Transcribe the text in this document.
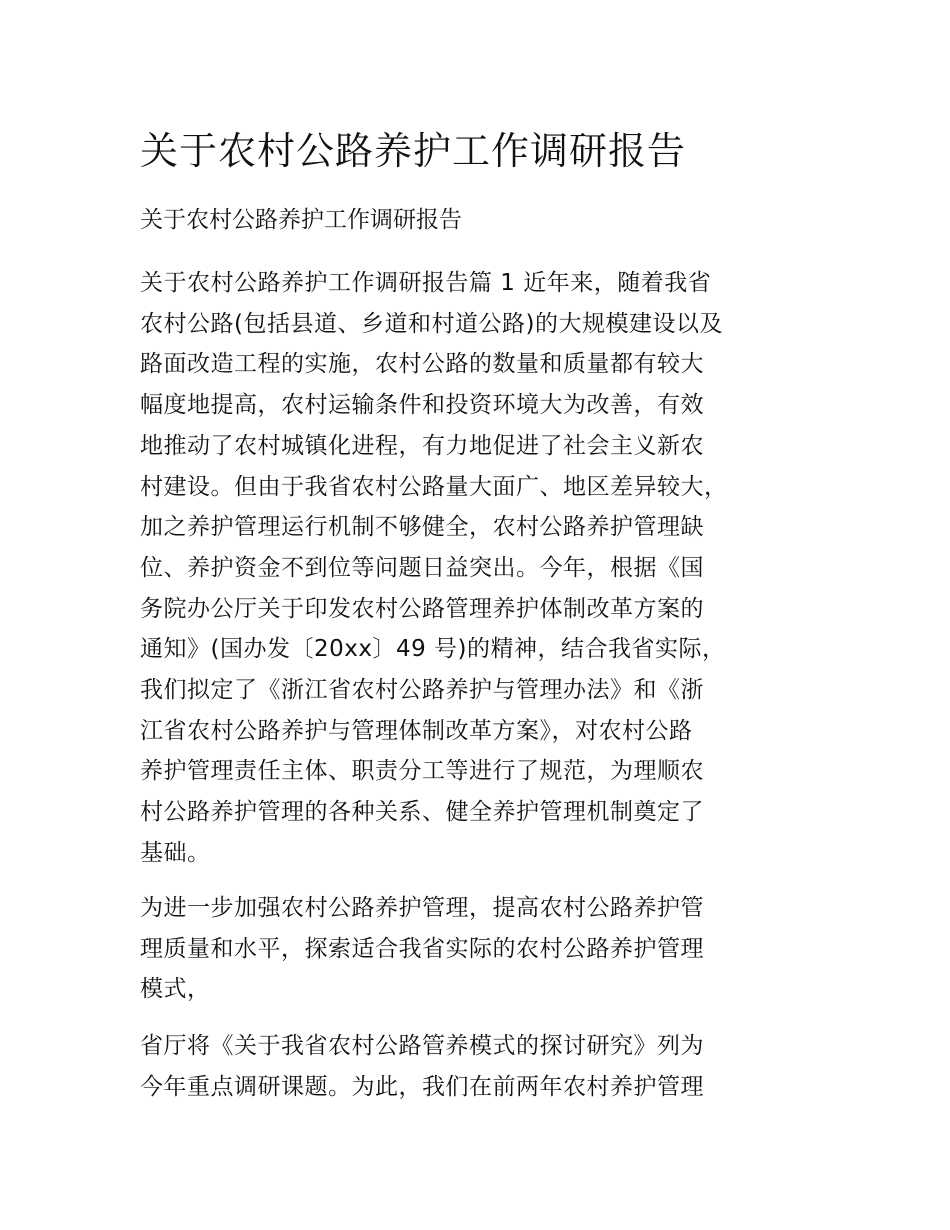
关于农村公路养护工作调研报告

关于农村公路养护工作调研报告

关于农村公路养护工作调研报告篇 1 近年来，随着我省
农村公路(包括县道、乡道和村道公路)的大规模建设以及
路面改造工程的实施，农村公路的数量和质量都有较大
幅度地提高，农村运输条件和投资环境大为改善，有效
地推动了农村城镇化进程，有力地促进了社会主义新农
村建设。但由于我省农村公路量大面广、地区差异较大，
加之养护管理运行机制不够健全，农村公路养护管理缺
位、养护资金不到位等问题日益突出。今年，根据《国
务院办公厅关于印发农村公路管理养护体制改革方案的
通知》(国办发〔20xx〕49 号)的精神，结合我省实际，
我们拟定了《浙江省农村公路养护与管理办法》和《浙
江省农村公路养护与管理体制改革方案》，对农村公路
养护管理责任主体、职责分工等进行了规范，为理顺农
村公路养护管理的各种关系、健全养护管理机制奠定了
基础。

为进一步加强农村公路养护管理，提高农村公路养护管
理质量和水平，探索适合我省实际的农村公路养护管理
模式，

省厅将《关于我省农村公路管养模式的探讨研究》列为
今年重点调研课题。为此，我们在前两年农村养护管理
